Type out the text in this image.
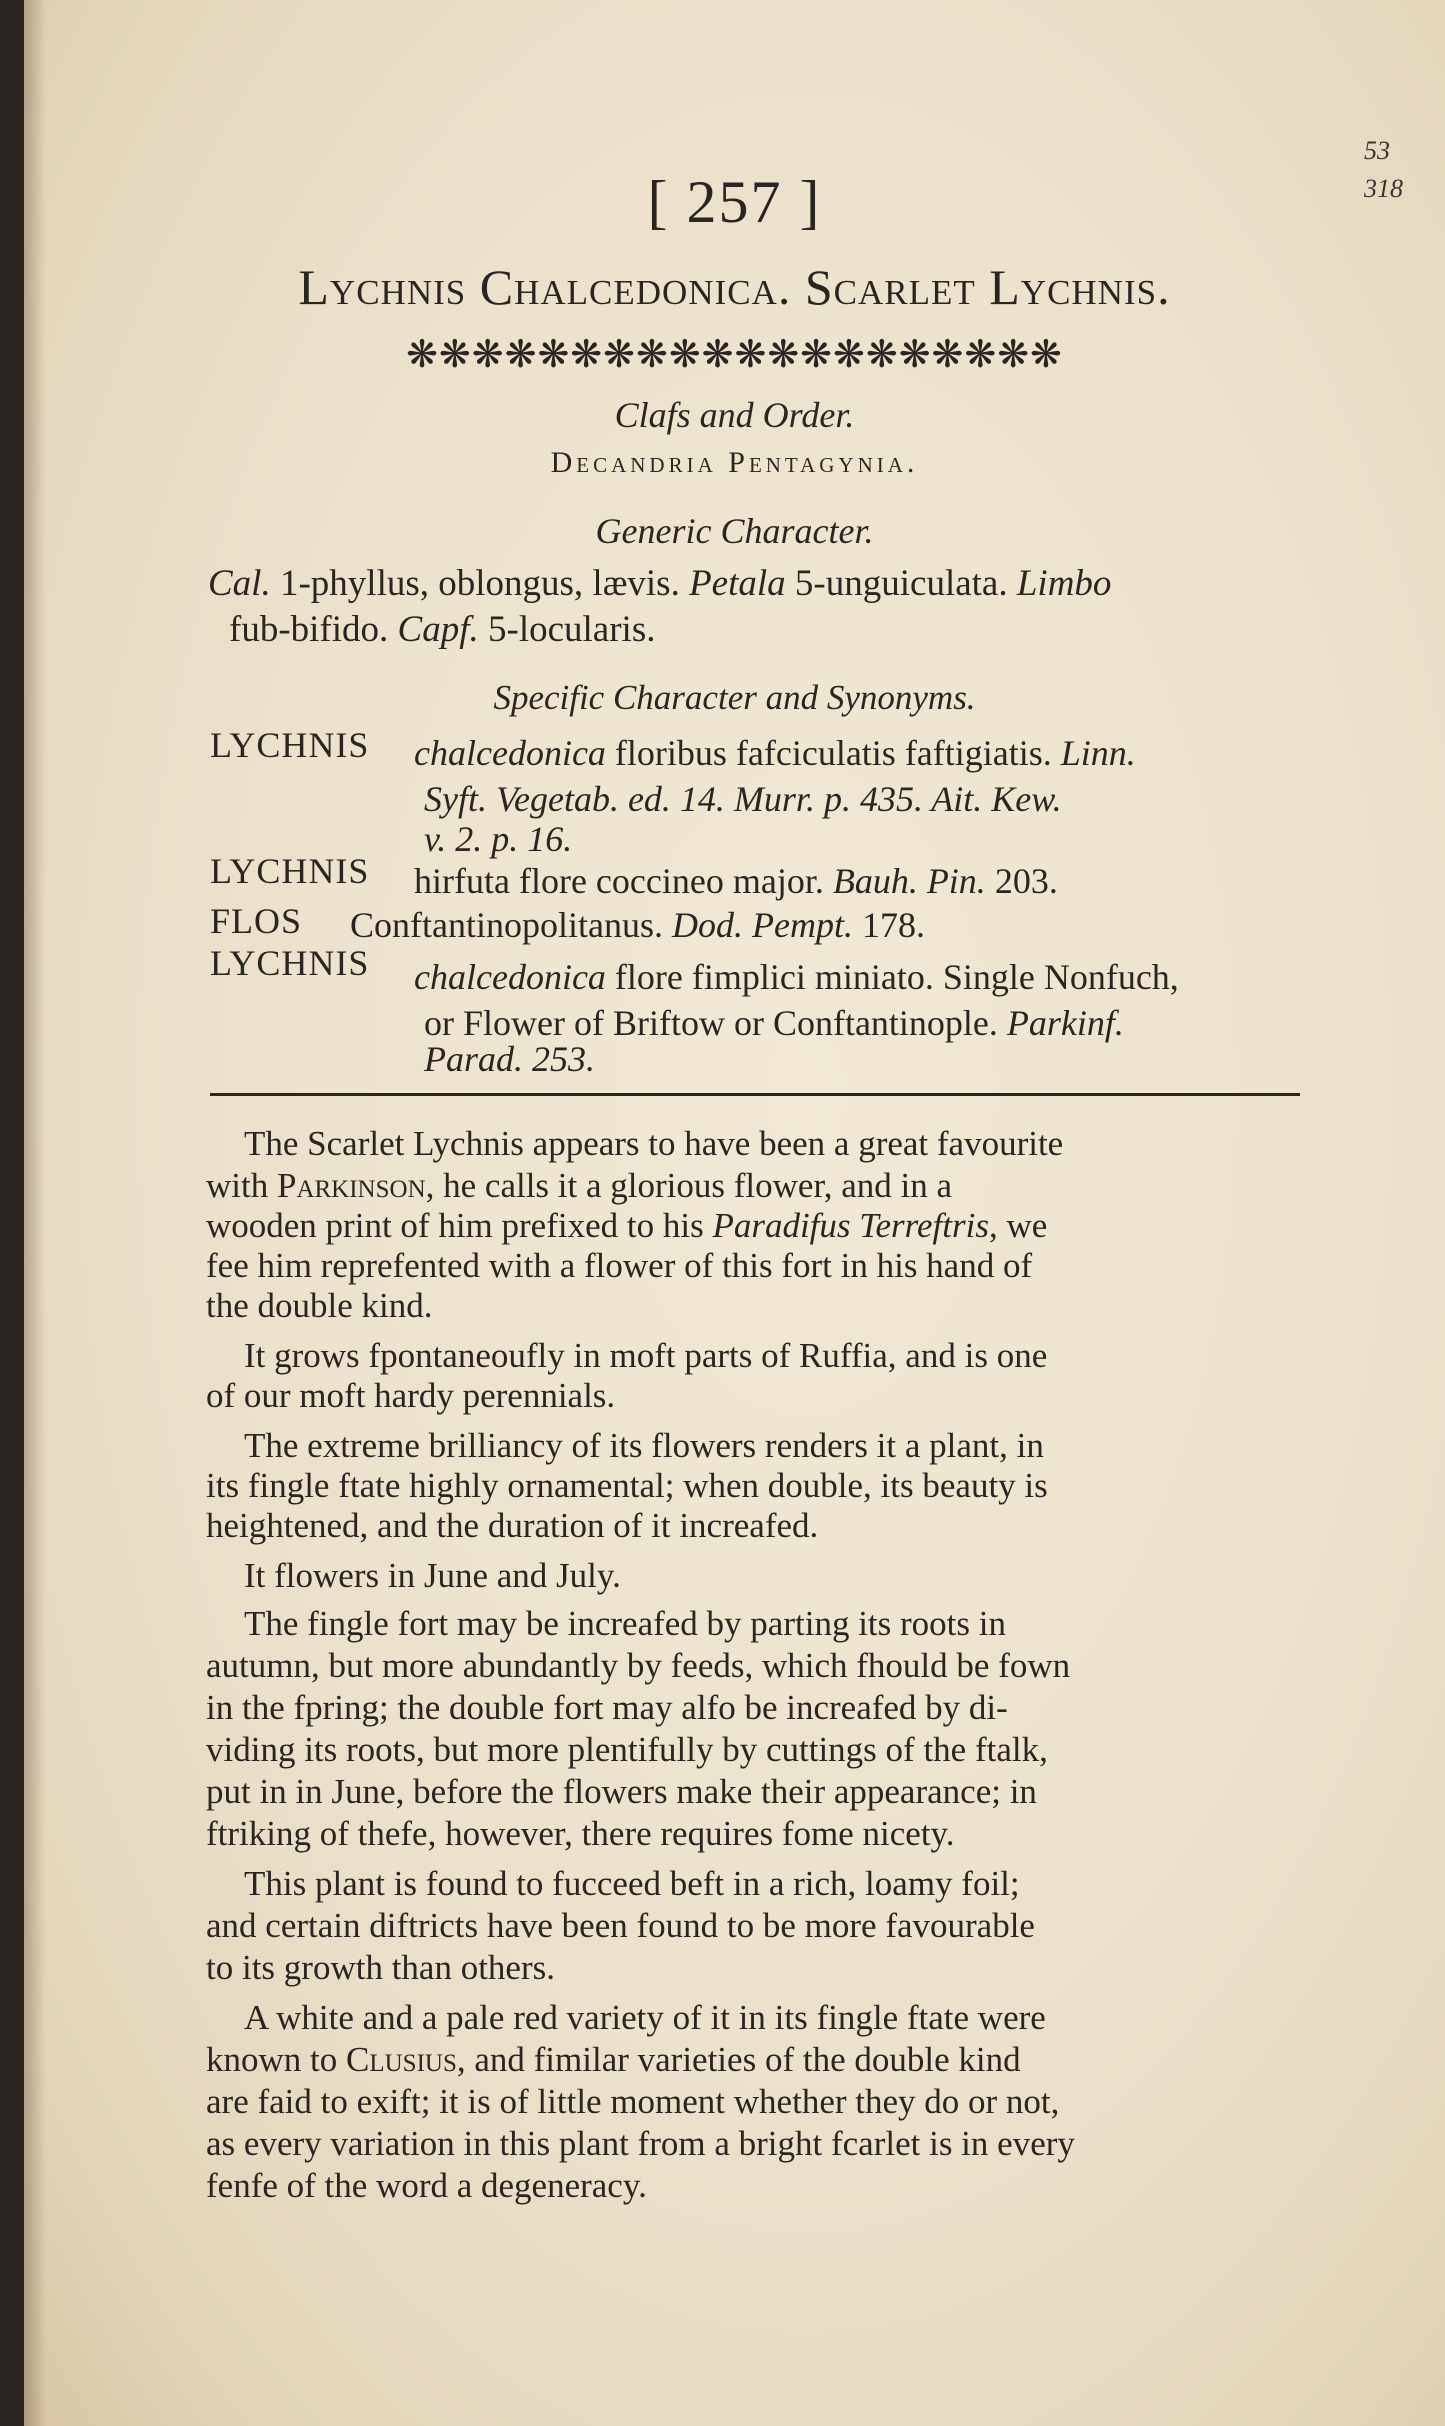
[ 257 ]
53
318
Lychnis Chalcedonica. Scarlet Lychnis.
❋❋❋❋❋❋❋❋❋❋❋❋❋❋❋❋❋❋❋❋
Clafs and Order.
Decandria Pentagynia.
Generic Character.
Cal. 1-phyllus, oblongus, lævis. Petala 5-unguiculata. Limbo
fub-bifido. Capf. 5-locularis.
Specific Character and Synonyms.
LYCHNIS chalcedonica floribus fafciculatis faftigiatis. Linn.
Syft. Vegetab. ed. 14. Murr. p. 435. Ait. Kew.
v. 2. p. 16.
LYCHNIS hirfuta flore coccineo major. Bauh. Pin. 203.
FLOS Conftantinopolitanus. Dod. Pempt. 178.
LYCHNIS chalcedonica flore fimplici miniato. Single Nonfuch,
or Flower of Briftow or Conftantinople. Parkinf.
Parad. 253.
The Scarlet Lychnis appears to have been a great favourite
with Parkinson, he calls it a glorious flower, and in a
wooden print of him prefixed to his Paradifus Terreftris, we
fee him reprefented with a flower of this fort in his hand of
the double kind.
It grows fpontaneoufly in moft parts of Ruffia, and is one
of our moft hardy perennials.
The extreme brilliancy of its flowers renders it a plant, in
its fingle ftate highly ornamental; when double, its beauty is
heightened, and the duration of it increafed.
It flowers in June and July.
The fingle fort may be increafed by parting its roots in
autumn, but more abundantly by feeds, which fhould be fown
in the fpring; the double fort may alfo be increafed by di-
viding its roots, but more plentifully by cuttings of the ftalk,
put in in June, before the flowers make their appearance; in
ftriking of thefe, however, there requires fome nicety.
This plant is found to fucceed beft in a rich, loamy foil;
and certain diftricts have been found to be more favourable
to its growth than others.
A white and a pale red variety of it in its fingle ftate were
known to Clusius, and fimilar varieties of the double kind
are faid to exift; it is of little moment whether they do or not,
as every variation in this plant from a bright fcarlet is in every
fenfe of the word a degeneracy.
